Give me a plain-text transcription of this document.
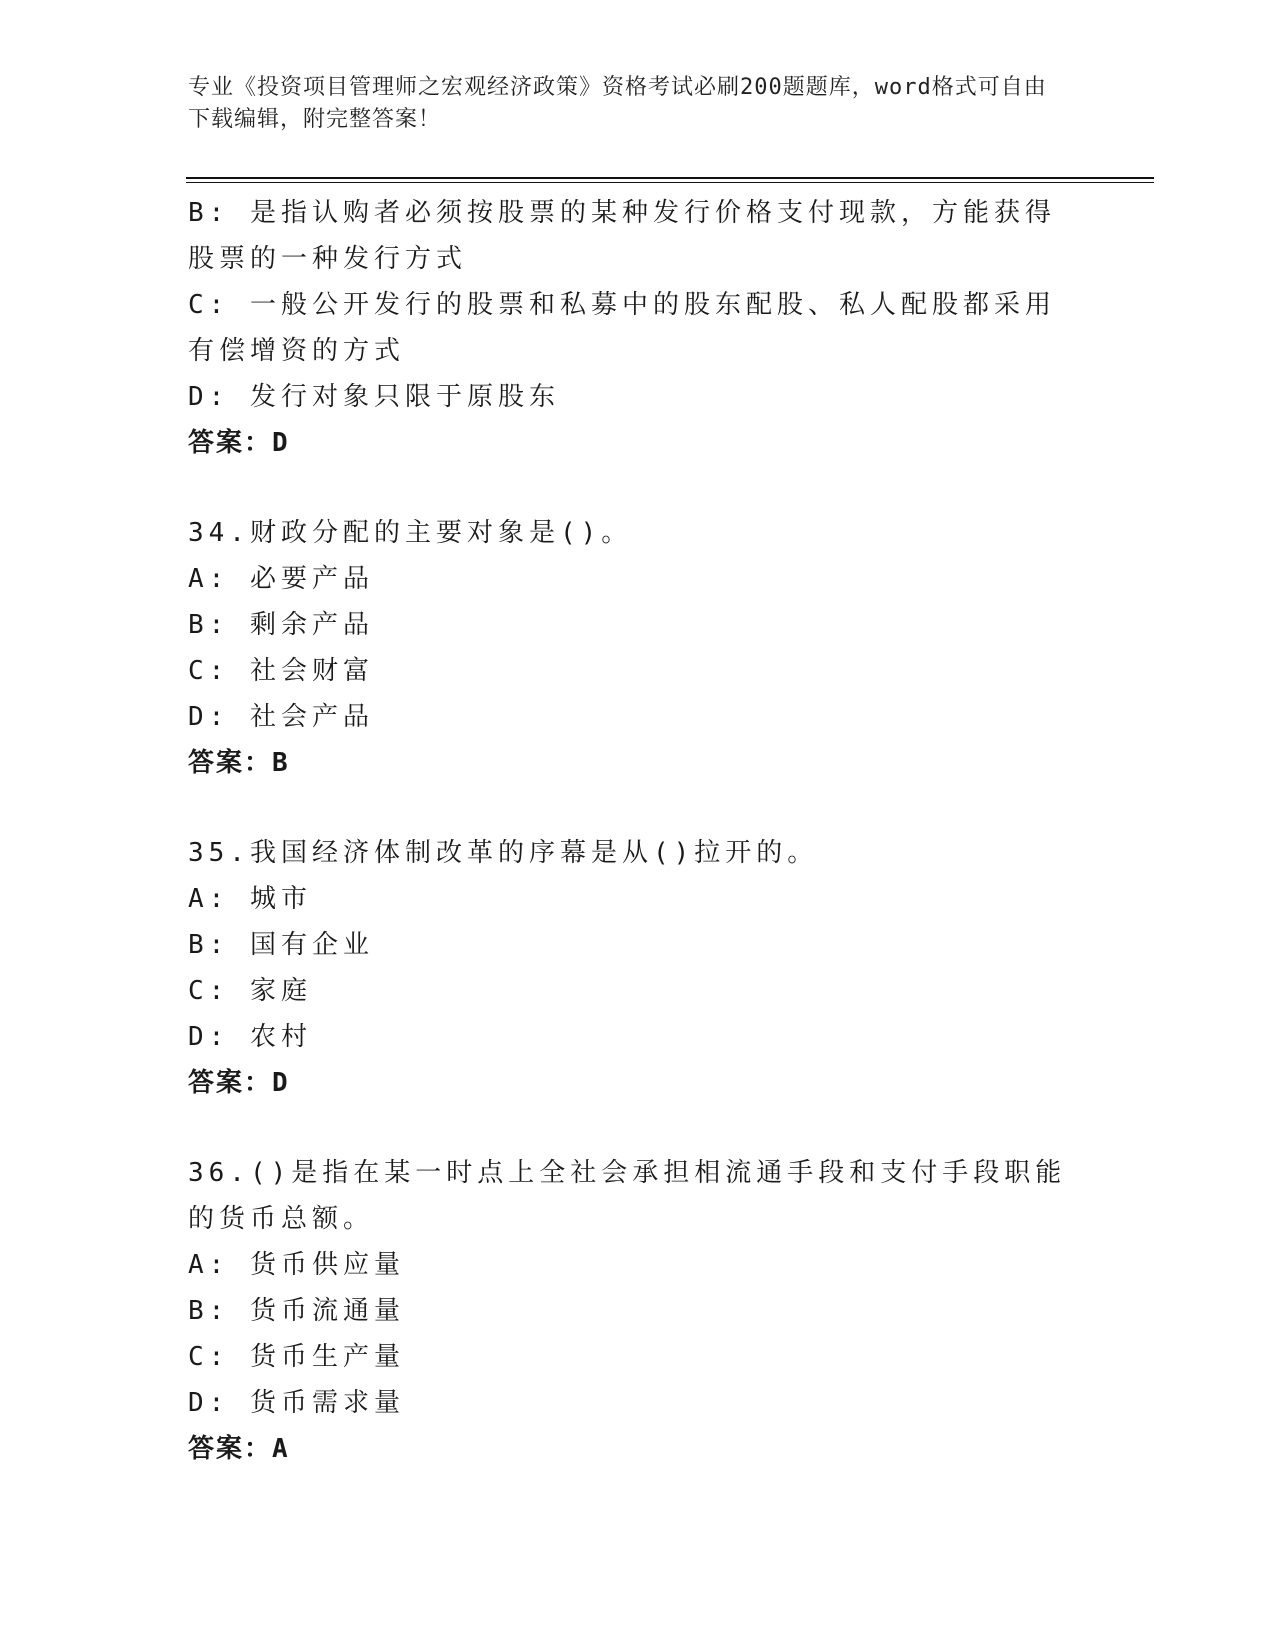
专业《投资项目管理师之宏观经济政策》资格考试必刷200题题库，word格式可自由下载编辑，附完整答案！
B: 是指认购者必须按股票的某种发行价格支付现款，方能获得股票的一种发行方式
C: 一般公开发行的股票和私募中的股东配股、私人配股都采用有偿增资的方式
D: 发行对象只限于原股东
答案：D
34.财政分配的主要对象是()。
A: 必要产品
B: 剩余产品
C: 社会财富
D: 社会产品
答案：B
35.我国经济体制改革的序幕是从()拉开的。
A: 城市
B: 国有企业
C: 家庭
D: 农村
答案：D
36.()是指在某一时点上全社会承担相流通手段和支付手段职能的货币总额。
A: 货币供应量
B: 货币流通量
C: 货币生产量
D: 货币需求量
答案：A
